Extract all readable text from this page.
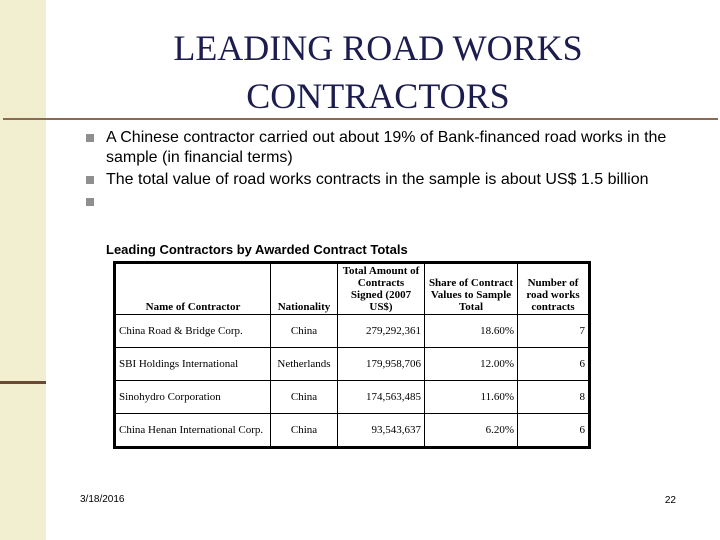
LEADING ROAD WORKS
CONTRACTORS
A Chinese contractor carried out about 19% of Bank-financed road works in the sample (in financial terms)
The total value of road works contracts in the sample is about US$ 1.5 billion
Leading Contractors by Awarded Contract Totals
Name of Contractor	Nationality	Total Amount of Contracts Signed (2007 US$)	Share of Contract Values to Sample Total	Number of road works contracts
China Road & Bridge Corp.	China	279,292,361	18.60%	7
SBI Holdings International	Netherlands	179,958,706	12.00%	6
Sinohydro Corporation	China	174,563,485	11.60%	8
China Henan International Corp.	China	93,543,637	6.20%	6
3/18/2016	22
